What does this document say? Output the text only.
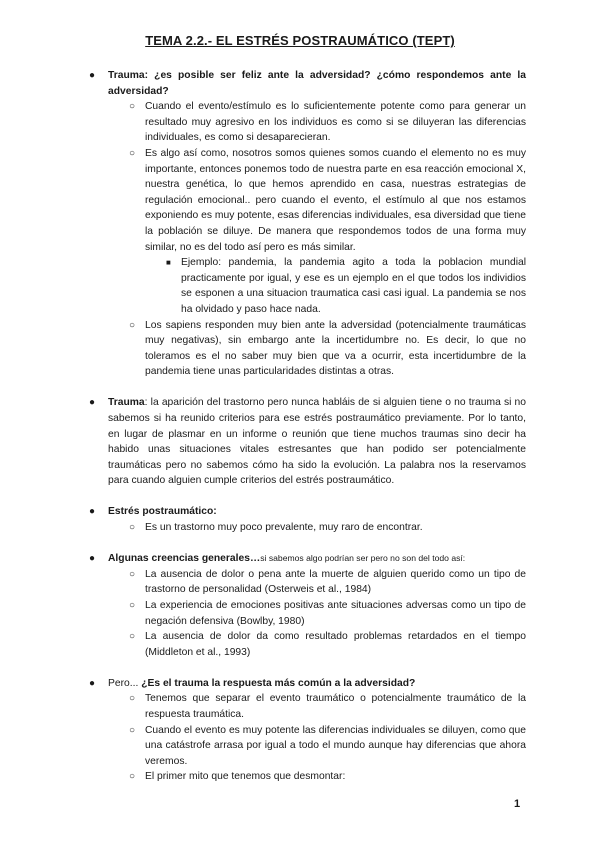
TEMA 2.2.- EL ESTRÉS POSTRAUMÁTICO (TEPT)
● Trauma: ¿es posible ser feliz ante la adversidad? ¿cómo respondemos ante la adversidad?
○ Cuando el evento/estímulo es lo suficientemente potente como para generar un resultado muy agresivo en los individuos es como si se diluyeran las diferencias individuales, es como si desaparecieran.
○ Es algo así como, nosotros somos quienes somos cuando el elemento no es muy importante, entonces ponemos todo de nuestra parte en esa reacción emocional X, nuestra genética, lo que hemos aprendido en casa, nuestras estrategias de regulación emocional.. pero cuando el evento, el estímulo al que nos estamos exponiendo es muy potente, esas diferencias individuales, esa diversidad que tiene la población se diluye. De manera que respondemos todos de una forma muy similar, no es del todo así pero es más similar.
■ Ejemplo: pandemia, la pandemia agito a toda la poblacion mundial practicamente por igual, y ese es un ejemplo en el que todos los individios se esponen a una situacion traumatica casi casi igual. La pandemia se nos ha olvidado y paso hace nada.
○ Los sapiens responden muy bien ante la adversidad (potencialmente traumáticas muy negativas), sin embargo ante la incertidumbre no. Es decir, lo que no toleramos es el no saber muy bien que va a ocurrir, esta incertidumbre de la pandemia tiene unas particularidades distintas a otras.
● Trauma: la aparición del trastorno pero nunca habláis de si alguien tiene o no trauma si no sabemos si ha reunido criterios para ese estrés postraumático previamente. Por lo tanto, en lugar de plasmar en un informe o reunión que tiene muchos traumas sino decir ha habido unas situaciones vitales estresantes que han podido ser potencialmente traumáticas pero no sabemos cómo ha sido la evolución. La palabra nos la reservamos para cuando alguien cumple criterios del estrés postraumático.
● Estrés postraumático:
○ Es un trastorno muy poco prevalente, muy raro de encontrar.
● Algunas creencias generales…si sabemos algo podrían ser pero no son del todo así:
○ La ausencia de dolor o pena ante la muerte de alguien querido como un tipo de trastorno de personalidad (Osterweis et al., 1984)
○ La experiencia de emociones positivas ante situaciones adversas como un tipo de negación defensiva (Bowlby, 1980)
○ La ausencia de dolor da como resultado problemas retardados en el tiempo (Middleton et al., 1993)
● Pero... ¿Es el trauma la respuesta más común a la adversidad?
○ Tenemos que separar el evento traumático o potencialmente traumático de la respuesta traumática.
○ Cuando el evento es muy potente las diferencias individuales se diluyen, como que una catástrofe arrasa por igual a todo el mundo aunque hay diferencias que ahora veremos.
○ El primer mito que tenemos que desmontar:
1
